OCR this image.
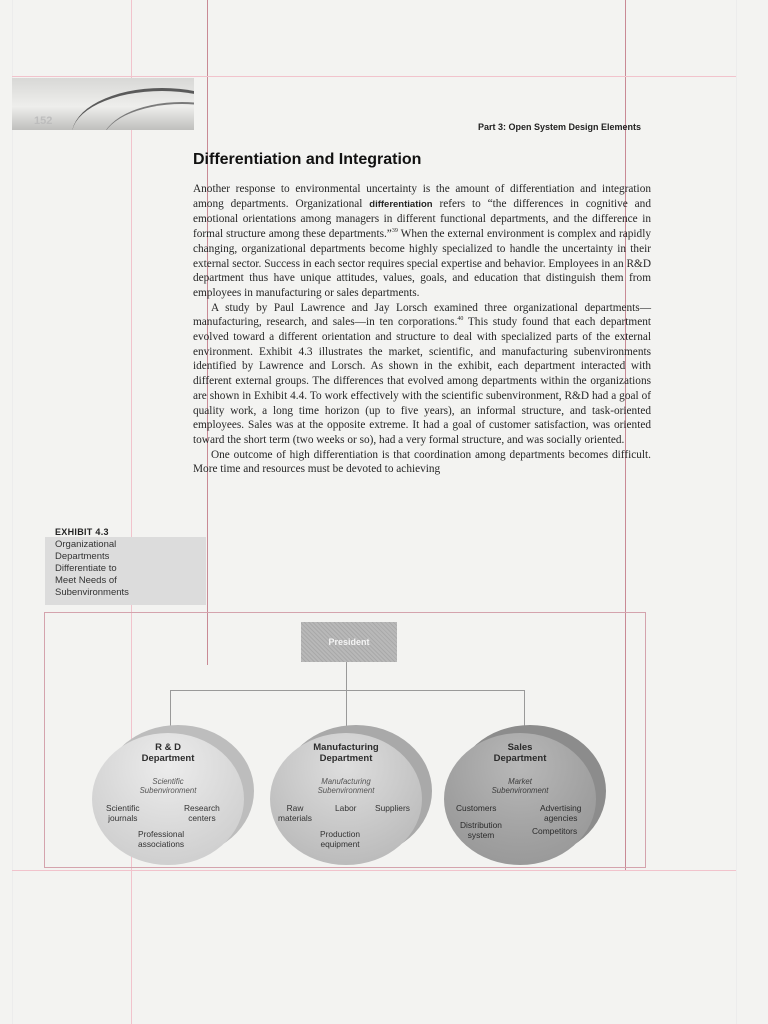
152	Part 3: Open System Design Elements
Differentiation and Integration

Another response to environmental uncertainty is the amount of differentiation and integration among departments. Organizational differentiation refers to “the differences in cognitive and emotional orientations among managers in different functional departments, and the difference in formal structure among these departments.”$^{39}$ When the external environment is complex and rapidly changing, organizational departments become highly specialized to handle the uncertainty in their external sector. Success in each sector requires special expertise and behavior. Employees in an R&D department thus have unique attitudes, values, goals, and education that distinguish them from employees in manufacturing or sales departments.

A study by Paul Lawrence and Jay Lorsch examined three organizational departments—manufacturing, research, and sales—in ten corporations.$^{40}$ This study found that each department evolved toward a different orientation and structure to deal with specialized parts of the external environment. Exhibit 4.3 illustrates the market, scientific, and manufacturing subenvironments identified by Lawrence and Lorsch. As shown in the exhibit, each department interacted with different external groups. The differences that evolved among departments within the organizations are shown in Exhibit 4.4. To work effectively with the scientific subenvironment, R&D had a goal of quality work, a long time horizon (up to five years), an informal structure, and task-oriented employees. Sales was at the opposite extreme. It had a goal of customer satisfaction, was oriented toward the short term (two weeks or so), had a very formal structure, and was socially oriented.

One outcome of high differentiation is that coordination among departments becomes difficult. More time and resources must be devoted to achieving

EXHIBIT 4.3
Organizational
Departments
Differentiate to
Meet Needs of
Subenvironments
President
R & D
Department
Scientific
Subenvironment
Scientific
journals
Research
centers
Professional
associations
Manufacturing
Department
Manufacturing
Subenvironment
Raw
materials
Labor Suppliers
Production
equipment
Sales
Department
Market
Subenvironment
Customers	Advertising
agencies
Distribution
system	Competitors
